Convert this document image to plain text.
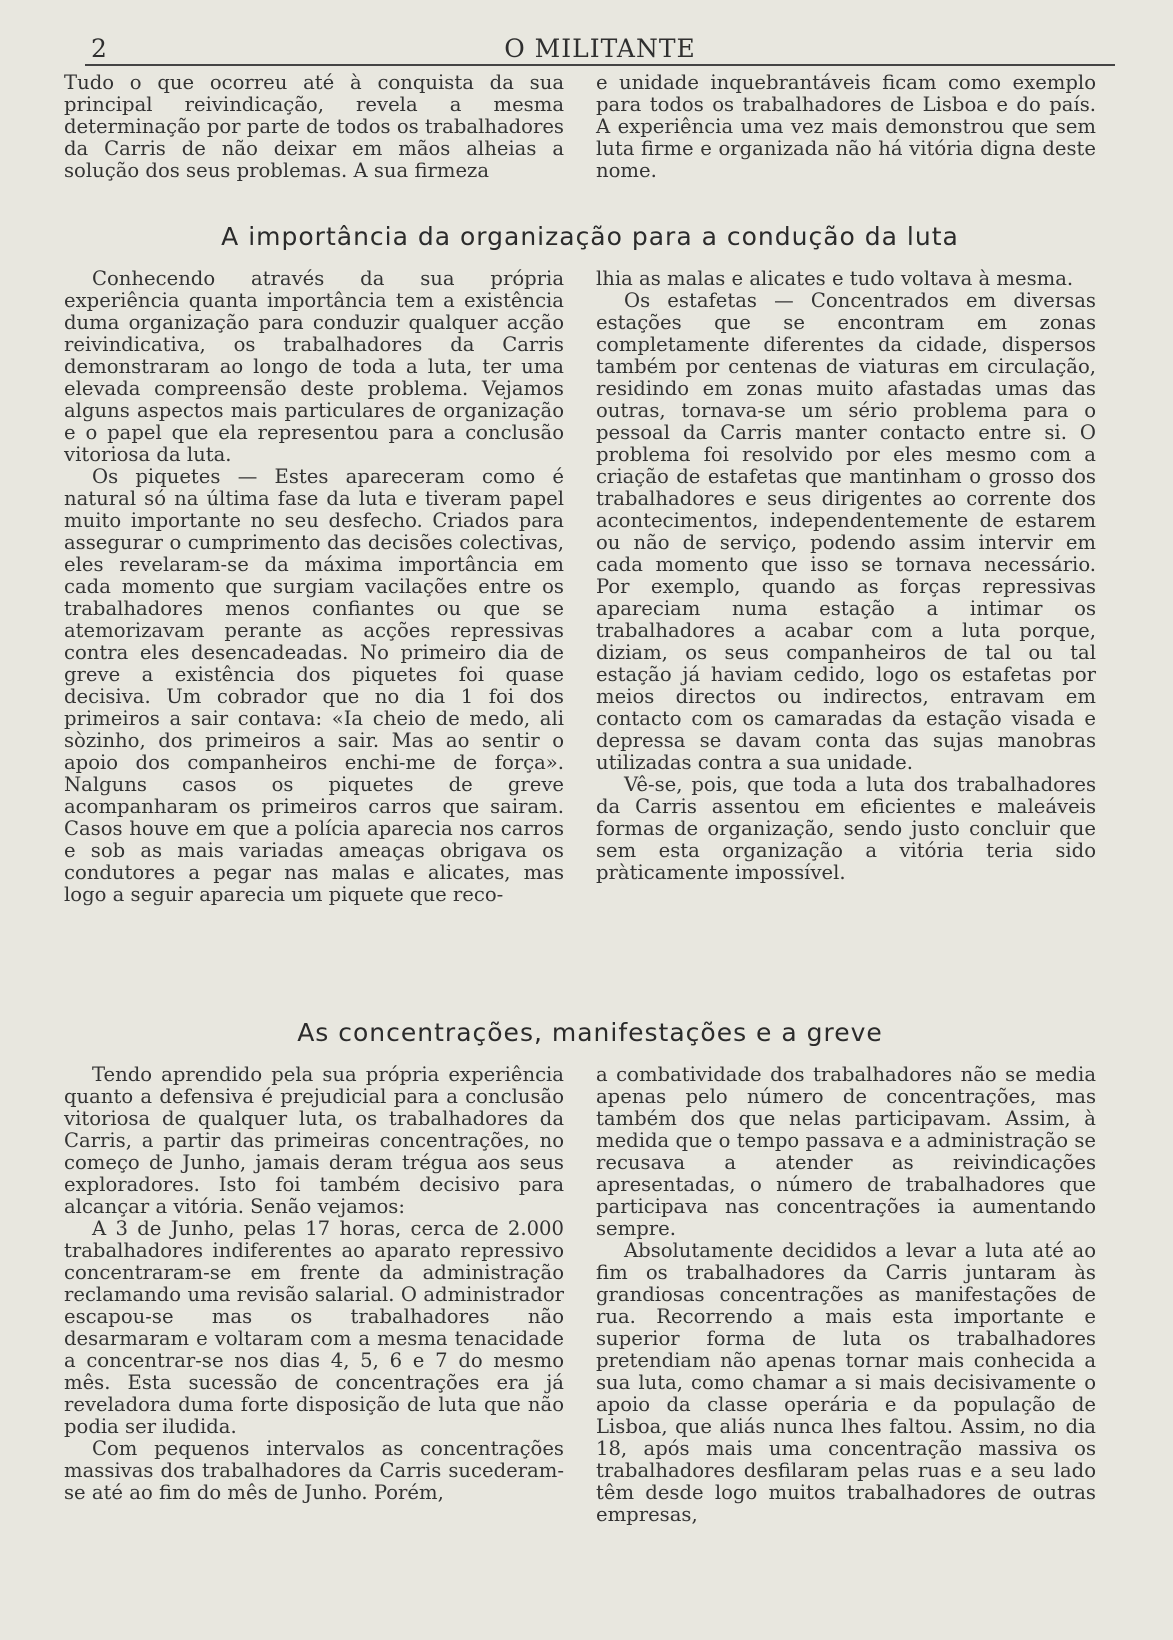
2	O MILITANTE

Tudo o que ocorreu até à conquista da sua principal reivindicação, revela a mesma determinação por parte de todos os trabalhadores da Carris de não deixar em mãos alheias a solução dos seus problemas. A sua firmeza

e unidade inquebrantáveis ficam como exemplo para todos os trabalhadores de Lisboa e do país. A experiência uma vez mais demonstrou que sem luta firme e organizada não há vitória digna deste nome.

A importância da organização para a condução da luta

Conhecendo através da sua própria experiência quanta importância tem a existência duma organização para conduzir qualquer acção reivindicativa, os trabalhadores da Carris demonstraram ao longo de toda a luta, ter uma elevada compreensão deste problema. Vejamos alguns aspectos mais particulares de organização e o papel que ela representou para a conclusão vitoriosa da luta.

Os piquetes — Estes apareceram como é natural só na última fase da luta e tiveram papel muito importante no seu desfecho. Criados para assegurar o cumprimento das decisões colectivas, eles revelaram-se da máxima importância em cada momento que surgiam vacilações entre os trabalhadores menos confiantes ou que se atemorizavam perante as acções repressivas contra eles desencadeadas. No primeiro dia de greve a existência dos piquetes foi quase decisiva. Um cobrador que no dia 1 foi dos primeiros a sair contava: «Ia cheio de medo, ali sòzinho, dos primeiros a sair. Mas ao sentir o apoio dos companheiros enchi-me de força». Nalguns casos os piquetes de greve acompanharam os primeiros carros que sairam. Casos houve em que a polícia aparecia nos carros e sob as mais variadas ameaças obrigava os condutores a pegar nas malas e alicates, mas logo a seguir aparecia um piquete que reco-

lhia as malas e alicates e tudo voltava à mesma.

Os estafetas — Concentrados em diversas estações que se encontram em zonas completamente diferentes da cidade, dispersos também por centenas de viaturas em circulação, residindo em zonas muito afastadas umas das outras, tornava-se um sério problema para o pessoal da Carris manter contacto entre si. O problema foi resolvido por eles mesmo com a criação de estafetas que mantinham o grosso dos trabalhadores e seus dirigentes ao corrente dos acontecimentos, independentemente de estarem ou não de serviço, podendo assim intervir em cada momento que isso se tornava necessário. Por exemplo, quando as forças repressivas apareciam numa estação a intimar os trabalhadores a acabar com a luta porque, diziam, os seus companheiros de tal ou tal estação já haviam cedido, logo os estafetas por meios directos ou indirectos, entravam em contacto com os camaradas da estação visada e depressa se davam conta das sujas manobras utilizadas contra a sua unidade.

Vê-se, pois, que toda a luta dos trabalhadores da Carris assentou em eficientes e maleáveis formas de organização, sendo justo concluir que sem esta organização a vitória teria sido pràticamente impossível.

As concentrações, manifestações e a greve

Tendo aprendido pela sua própria experiência quanto a defensiva é prejudicial para a conclusão vitoriosa de qualquer luta, os trabalhadores da Carris, a partir das primeiras concentrações, no começo de Junho, jamais deram trégua aos seus exploradores. Isto foi também decisivo para alcançar a vitória. Senão vejamos:

A 3 de Junho, pelas 17 horas, cerca de 2.000 trabalhadores indiferentes ao aparato repressivo concentraram-se em frente da administração reclamando uma revisão salarial. O administrador escapou-se mas os trabalhadores não desarmaram e voltaram com a mesma tenacidade a concentrar-se nos dias 4, 5, 6 e 7 do mesmo mês. Esta sucessão de concentrações era já reveladora duma forte disposição de luta que não podia ser iludida.

Com pequenos intervalos as concentrações massivas dos trabalhadores da Carris sucederam-se até ao fim do mês de Junho. Porém,

a combatividade dos trabalhadores não se media apenas pelo número de concentrações, mas também dos que nelas participavam. Assim, à medida que o tempo passava e a administração se recusava a atender as reivindicações apresentadas, o número de trabalhadores que participava nas concentrações ia aumentando sempre.

Absolutamente decididos a levar a luta até ao fim os trabalhadores da Carris juntaram às grandiosas concentrações as manifestações de rua. Recorrendo a mais esta importante e superior forma de luta os trabalhadores pretendiam não apenas tornar mais conhecida a sua luta, como chamar a si mais decisivamente o apoio da classe operária e da população de Lisboa, que aliás nunca lhes faltou. Assim, no dia 18, após mais uma concentração massiva os trabalhadores desfilaram pelas ruas e a seu lado têm desde logo muitos trabalhadores de outras empresas,
